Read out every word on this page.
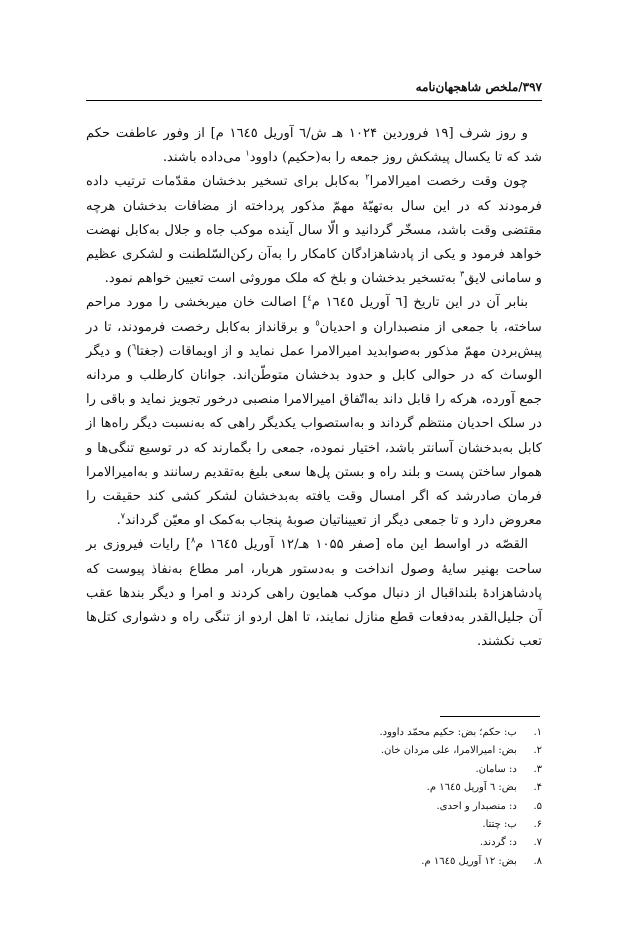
۳۹۷/ملخص شاهجهان‌نامه

و روز شرف [۱۹ فروردین ۱۰۲۴ هـ ش/٦ آوریل ١٦٤٥ م] از وفور عاطفت حکم شد که تا یکسال پیشکش روز جمعه را به(حکیم) داوود$^۱$ می‌داده باشند.

چون وقت رخصت امیرالامرا$^۲$ به‌کابل برای تسخیر بدخشان مقدّمات ترتیب داده فرمودند که در این سال به‌تهیّهٔ مهمّ مذکور پرداخته از مضافات بدخشان هرچه مقتضی وقت باشد، مسخّر گردانید و الّا سال آینده موکب جاه و جلال به‌کابل نهضت خواهد فرمود و یکی از پادشاهزادگان کامکار را به‌آن رکن‌السّلطنت و لشکری عظیم و سامانی لایق$^۳$ به‌تسخیر بدخشان و بلخ که ملک موروثی است تعیین خواهم نمود.

بنابر آن در این تاریخ [٦ آوریل ١٦٤٥ م$^٤$] اصالت خان میربخشی را مورد مراحم ساخته، با جمعی از منصبداران و احدیان$^٥$ و برقانداز به‌کابل رخصت فرمودند، تا در پیش‌بردن مهمّ مذکور به‌صوابدید امیرالامرا عمل نماید و از اویماقات (جغتا$^٦$) و دیگر الوساث که در حوالی کابل و حدود بدخشان متوطّن‌اند. جوانان کارطلب و مردانه جمع آورده، هرکه را قابل داند به‌اتّفاق امیرالامرا منصبی درخور تجویز نماید و باقی را در سلک احدیان منتظم گرداند و به‌استصواب یکدیگر راهی که به‌نسبت دیگر راه‌ها از کابل به‌بدخشان آسانتر باشد، اختیار نموده، جمعی را بگمارند که در توسیع تنگی‌ها و هموار ساختن پست و بلند راه و بستن پل‌ها سعی بلیغ به‌تقدیم رسانند و به‌امیرالامرا فرمان صادرشد که اگر امسال وقت یافته به‌بدخشان لشکر کشی کند حقیقت را معروض دارد و تا جمعی دیگر از تعییناتیان صوبهٔ پنجاب به‌کمک او معیّن گرداند$^۷$.

القصّه در اواسط این ماه [صفر ۱۰۵۵ هـ/۱۲ آوریل ١٦٤٥ م$^۸$] رایات فیروزی بر ساحت بهنیر سایهٔ وصول انداخت و به‌دستور هربار، امر مطاع به‌نفاذ پیوست که پادشاهزادهٔ بلنداقبال از دنبال موکب همایون راهی کردند و امرا و دیگر بندها عقب آن جلیل‌القدر به‌دفعات قطع منازل نمایند، تا اهل اردو از تنگی راه و دشواری کتل‌ها تعب نکشند.

۱.

ب: حکم؛ بض: حکیم محمّد داوود.
۲.

بض: امیرالامرا، علی مردان خان.
۳.

د: سامان.
۴.

بض: ٦ آوریل ١٦٤٥ م.
۵.

د: منصبدار و احدی.
۶.

ب: چتتا.
۷.

د: گردند.
۸.

بض: ۱۲ آوریل ١٦٤٥ م.
